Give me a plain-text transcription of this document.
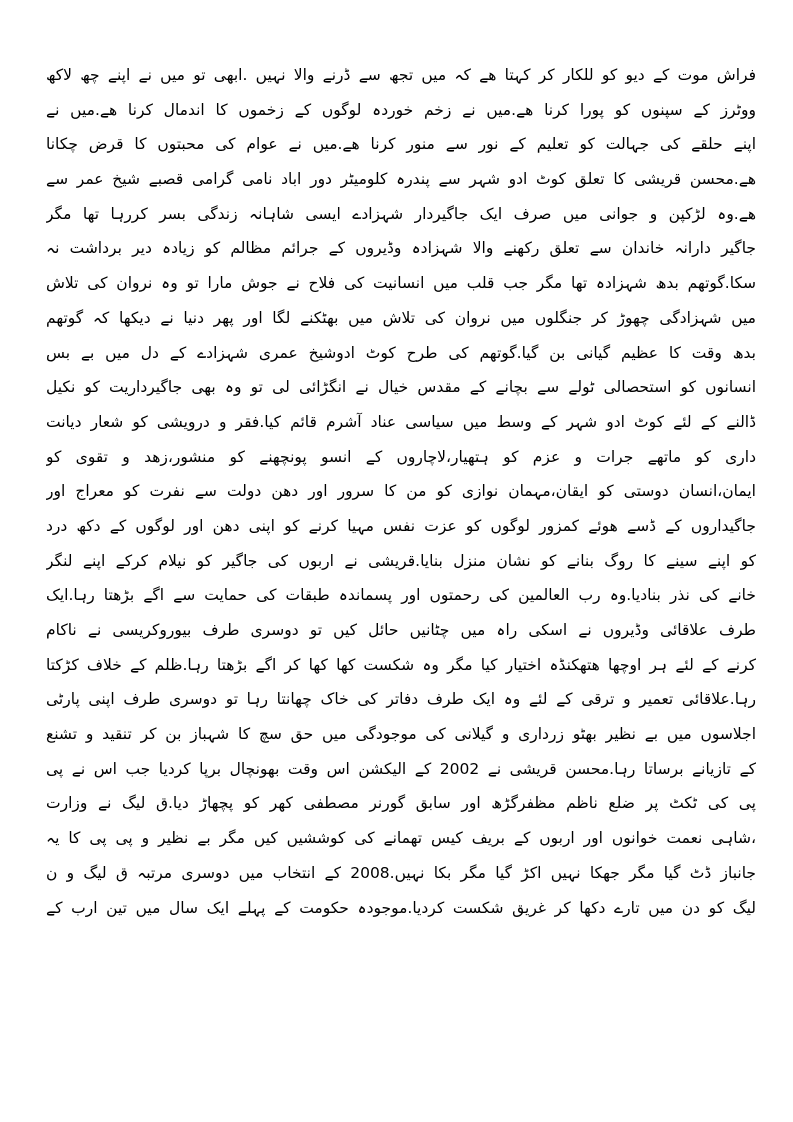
فراش موت کے دیو کو للکار کر کہتا ھے کہ میں تجھ سے ڈرنے والا نہیں .ابھی تو میں نے اپنے چھ لاکھ
ووٹرز کے سپنوں کو پورا کرنا ھے.میں نے زخم خوردہ لوگوں کے زخموں کا اندمال کرنا ھے.میں نے
اپنے حلقے کی جہالت کو تعلیم کے نور سے منور کرنا ھے.میں نے عوام کی محبتوں کا قرض چکانا
ھے.محسن قریشی کا تعلق کوٹ ادو شہر سے پندرہ کلومیٹر دور اباد نامی گرامی قصبے شیخ عمر سے
ھے.وہ لڑکپن و جوانی میں صرف ایک جاگیردار شہزادے ایسی شاہانہ زندگی بسر کررہا تھا مگر
جاگیر دارانہ خاندان سے تعلق رکھنے والا شہزادہ وڈیروں کے جرائم مظالم کو زیادہ دیر برداشت نہ
سکا.گوتھم بدھ شہزادہ تھا مگر جب قلب میں انسانیت کی فلاح نے جوش مارا تو وہ نروان کی تلاش
میں شہزادگی چھوڑ کر جنگلوں میں نروان کی تلاش میں بھٹکنے لگا اور پھر دنیا نے دیکھا کہ گوتھم
بدھ وقت کا عظیم گیانی بن گیا.گوتھم کی طرح کوٹ ادوشیخ عمری شہزادے کے دل میں بے بس
انسانوں کو استحصالی ٹولے سے بچانے کے مقدس خیال نے انگڑائی لی تو وہ بھی جاگیرداریت کو نکیل
ڈالنے کے لئے کوٹ ادو شہر کے وسط میں سیاسی عناد آشرم قائم کیا.فقر و درویشی کو شعار دیانت
داری کو ماتھے جرات و عزم کو ہتھیار،لاچاروں کے انسو پونچھنے کو منشور،زھد و تقوی کو
ایمان،انسان دوستی کو ایقان،مہمان نوازی کو من کا سرور اور دھن دولت سے نفرت کو معراج اور
جاگیداروں کے ڈسے ھوئے کمزور لوگوں کو عزت نفس مہیا کرنے کو اپنی دھن اور لوگوں کے دکھ درد
کو اپنے سینے کا روگ بنانے کو نشان منزل بنایا.قریشی نے اربوں کی جاگیر کو نیلام کرکے اپنے لنگر
خانے کی نذر بنادیا.وہ رب العالمین کی رحمتوں اور پسماندہ طبقات کی حمایت سے اگے بڑھتا رہا.ایک
طرف علاقائی وڈیروں نے اسکی راہ میں چٹانیں حائل کیں تو دوسری طرف بیوروکریسی نے ناکام
کرنے کے لئے ہر اوچھا ھتھکنڈہ اختیار کیا مگر وہ شکست کھا کھا کر اگے بڑھتا رہا.ظلم کے خلاف کڑکتا
رہا.علاقائی تعمیر و ترقی کے لئے وہ ایک طرف دفاتر کی خاک چھانتا رہا تو دوسری طرف اپنی پارٹی
اجلاسوں میں بے نظیر بھٹو زرداری و گیلانی کی موجودگی میں حق سچ کا شہباز بن کر تنقید و تشنع
کے تازیانے برساتا رہا.محسن قریشی نے 2002 کے الیکشن اس وقت بھونچال برپا کردیا جب اس نے پی
پی کی ٹکٹ پر ضلع ناظم مظفرگڑھ اور سابق گورنر مصطفی کھر کو پچھاڑ دیا.ق لیگ نے وزارت
،شاہی نعمت خوانوں اور اربوں کے بریف کیس تھمانے کی کوششیں کیں مگر بے نظیر و پی پی کا یہ
جانباز ڈٹ گیا مگر جھکا نہیں اکڑ گیا مگر بکا نہیں.2008 کے انتخاب میں دوسری مرتبہ ق لیگ و ن
لیگ کو دن میں تارے دکھا کر غریق شکست کردیا.موجودہ حکومت کے پہلے ایک سال میں تین ارب کے
